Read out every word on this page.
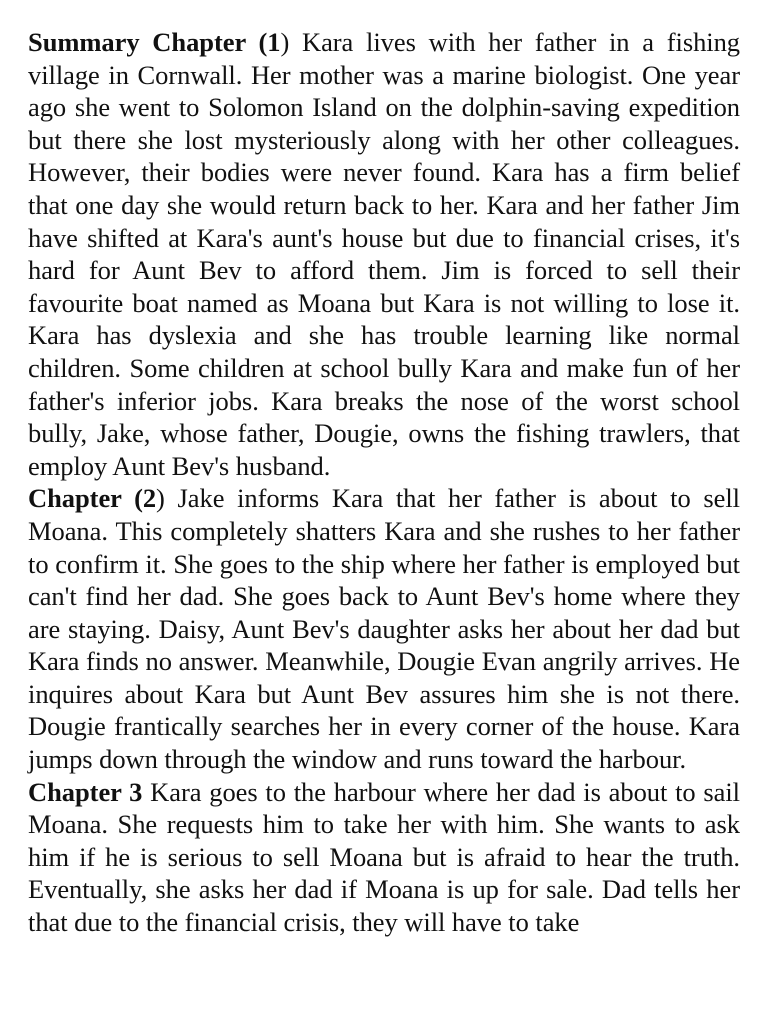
Summary Chapter (1) Kara lives with her father in a fishing village in Cornwall. Her mother was a marine biologist. One year ago she went to Solomon Island on the dolphin-saving expedition but there she lost mysteriously along with her other colleagues. However, their bodies were never found. Kara has a firm belief that one day she would return back to her. Kara and her father Jim have shifted at Kara's aunt's house but due to financial crises, it's hard for Aunt Bev to afford them. Jim is forced to sell their favourite boat named as Moana but Kara is not willing to lose it. Kara has dyslexia and she has trouble learning like normal children. Some children at school bully Kara and make fun of her father's inferior jobs. Kara breaks the nose of the worst school bully, Jake, whose father, Dougie, owns the fishing trawlers, that employ Aunt Bev's husband.

Chapter (2) Jake informs Kara that her father is about to sell Moana. This completely shatters Kara and she rushes to her father to confirm it. She goes to the ship where her father is employed but can't find her dad. She goes back to Aunt Bev's home where they are staying. Daisy, Aunt Bev's daughter asks her about her dad but Kara finds no answer. Meanwhile, Dougie Evan angrily arrives. He inquires about Kara but Aunt Bev assures him she is not there. Dougie frantically searches her in every corner of the house. Kara jumps down through the window and runs toward the harbour.

Chapter 3 Kara goes to the harbour where her dad is about to sail Moana. She requests him to take her with him. She wants to ask him if he is serious to sell Moana but is afraid to hear the truth. Eventually, she asks her dad if Moana is up for sale. Dad tells her that due to the financial crisis, they will have to take
